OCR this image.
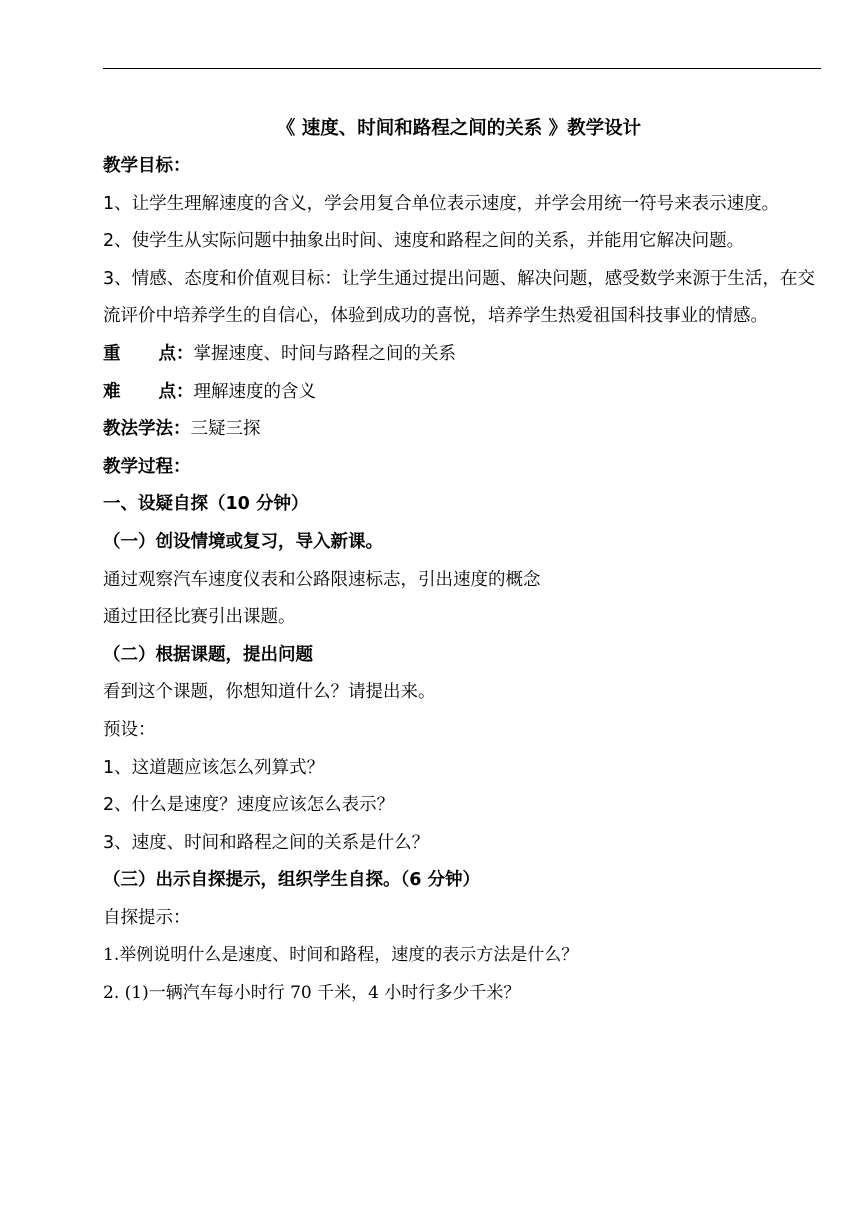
《 速度、时间和路程之间的关系 》教学设计
教学目标：
1、让学生理解速度的含义，学会用复合单位表示速度，并学会用统一符号来表示速度。
2、使学生从实际问题中抽象出时间、速度和路程之间的关系，并能用它解决问题。
3、情感、态度和价值观目标：让学生通过提出问题、解决问题，感受数学来源于生活，在交流评价中培养学生的自信心，体验到成功的喜悦，培养学生热爱祖国科技事业的情感。
重 点：掌握速度、时间与路程之间的关系
难 点：理解速度的含义
教法学法：三疑三探
教学过程：
一、设疑自探（10 分钟）
（一）创设情境或复习，导入新课。
通过观察汽车速度仪表和公路限速标志，引出速度的概念
通过田径比赛引出课题。
（二）根据课题，提出问题
看到这个课题，你想知道什么？请提出来。
预设：
1、这道题应该怎么列算式？
2、什么是速度？速度应该怎么表示？
3、速度、时间和路程之间的关系是什么？
（三）出示自探提示，组织学生自探。（6 分钟）
自探提示：
1.举例说明什么是速度、时间和路程，速度的表示方法是什么？
2. (1)一辆汽车每小时行 70 千米，4 小时行多少千米？
